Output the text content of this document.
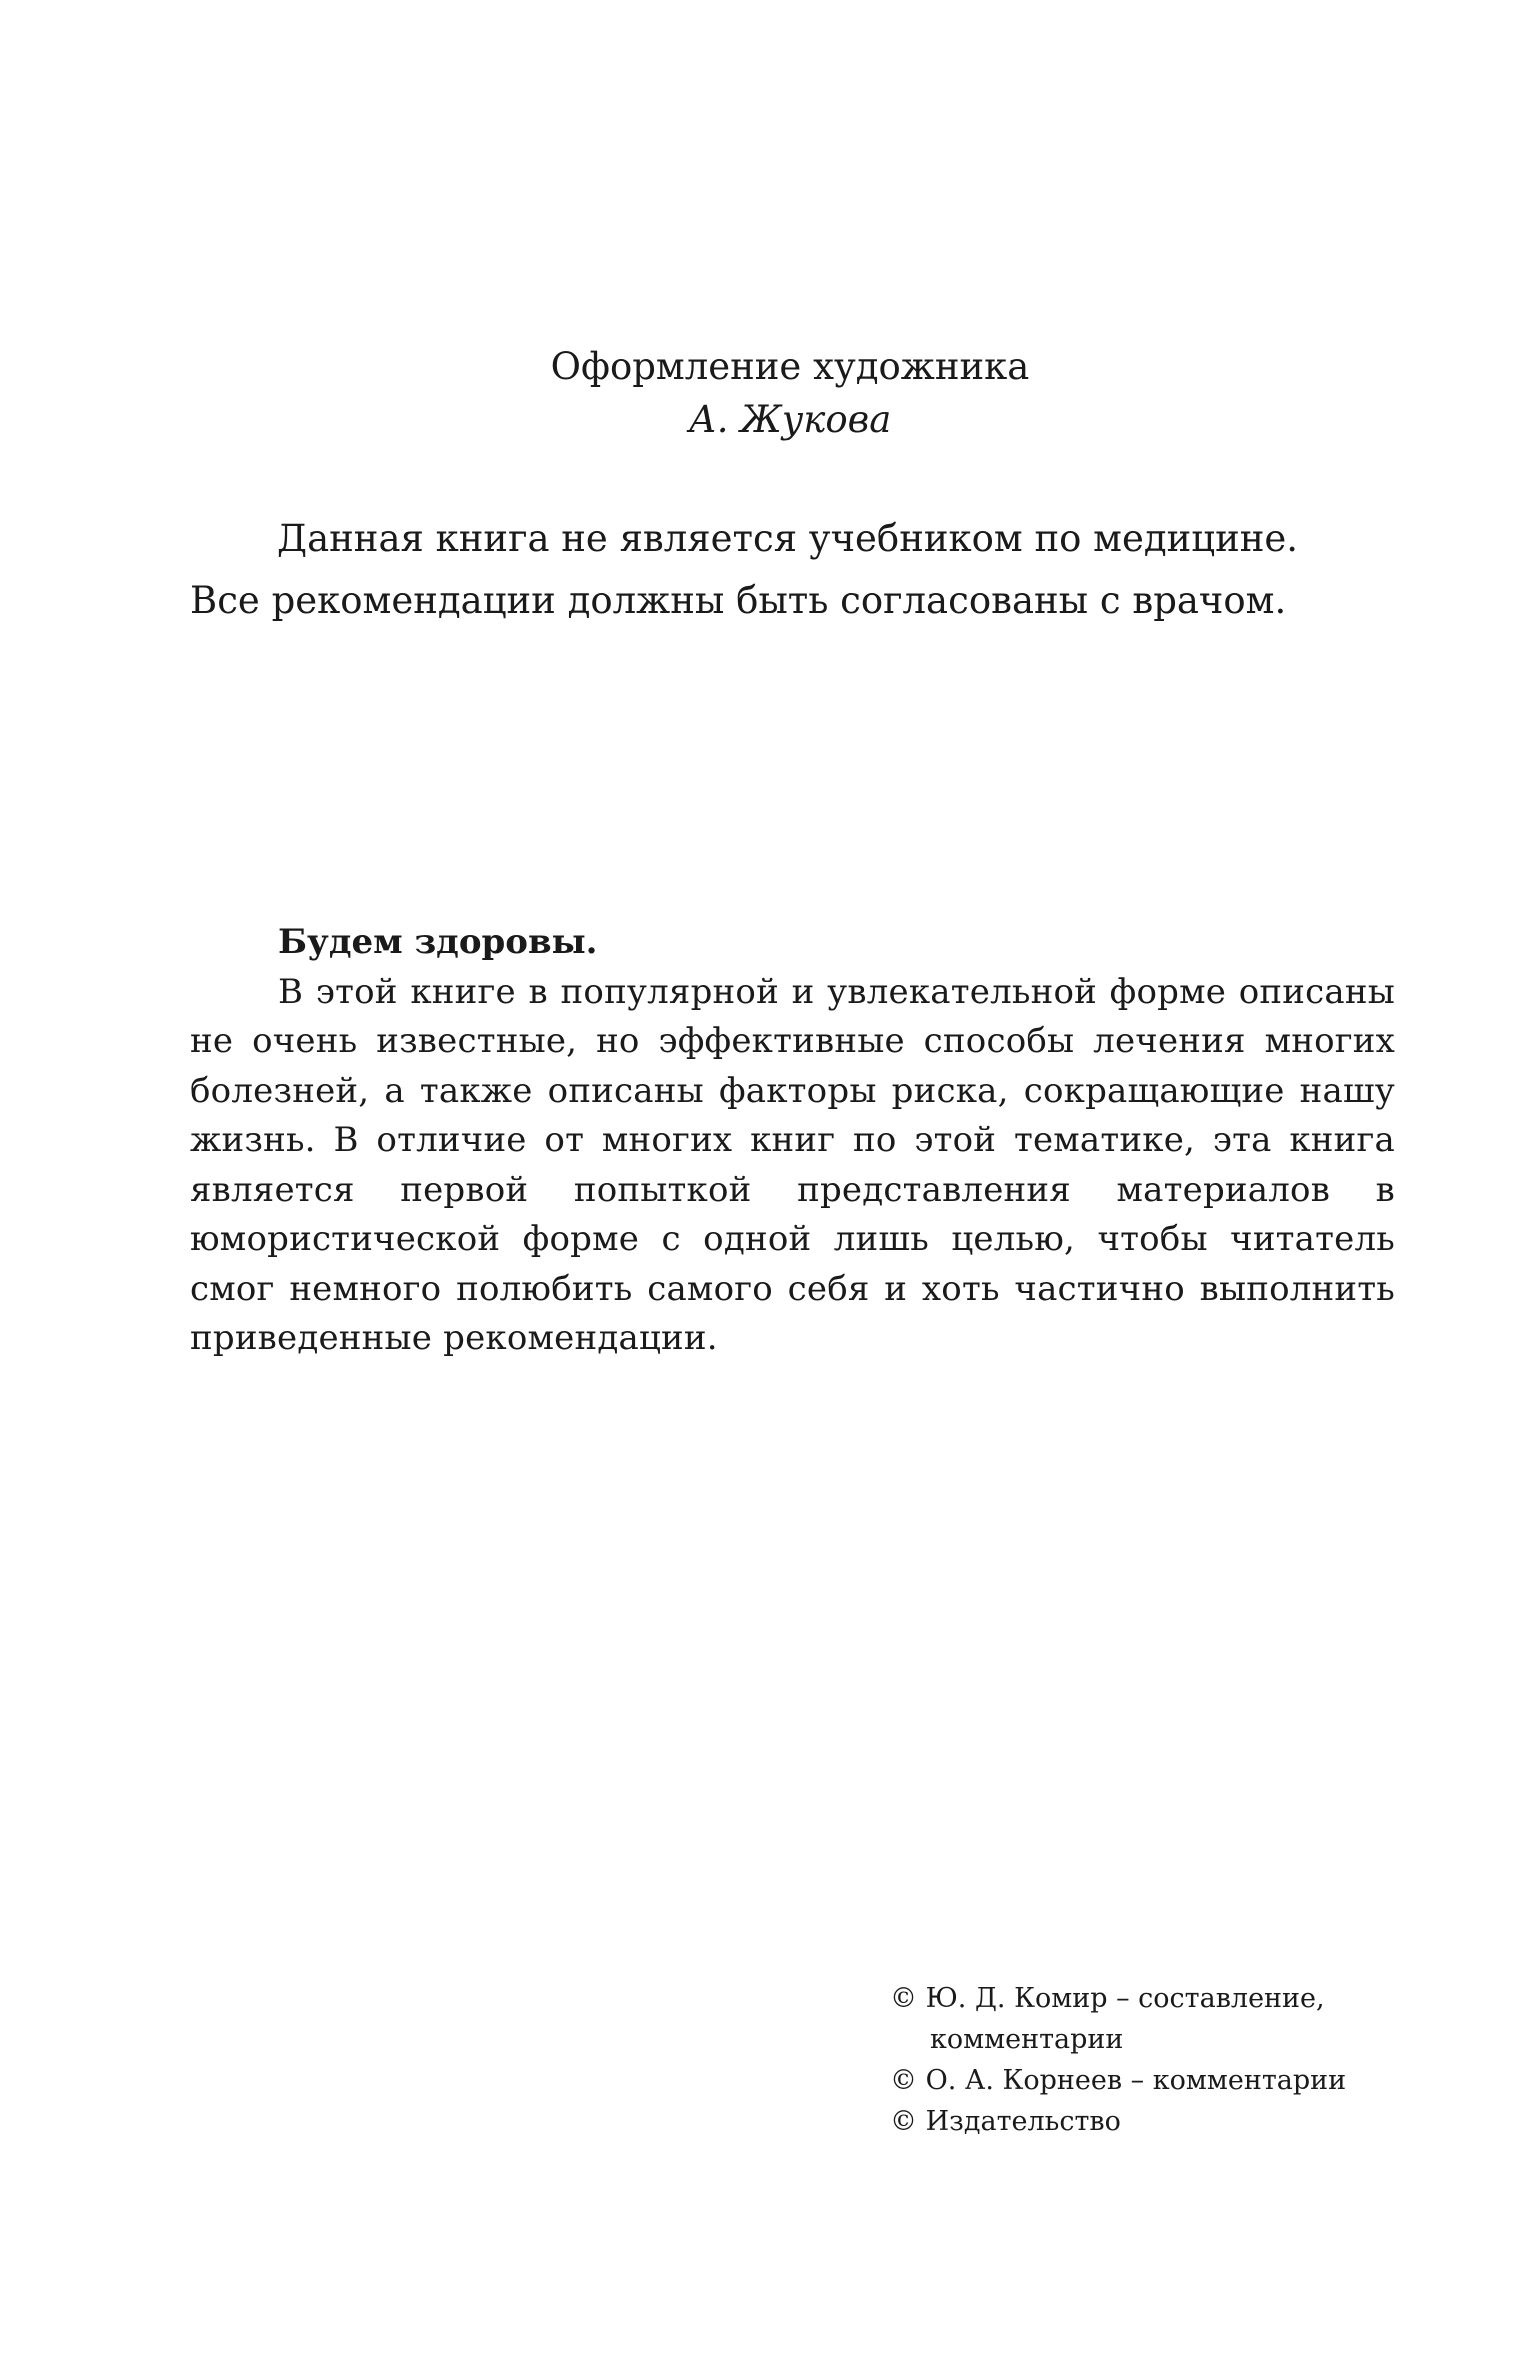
Оформление художника
А. Жукова
Данная книга не является учебником по медицине.
Все рекомендации должны быть согласованы с врачом.

Будем здоровы.

В этой книге в популярной и увлекательной форме описаны не очень известные, но эффективные способы лечения многих болезней, а также описаны факторы риска, сокращающие нашу жизнь. В отличие от многих книг по этой тематике, эта книга является первой попыткой представления материалов в юмористической форме с одной лишь целью, чтобы читатель смог немного полюбить самого себя и хоть частично выполнить приведенные рекомендации.

© Ю. Д. Комир – составление,
комментарии
© О. А. Корнеев – комментарии
© Издательство
